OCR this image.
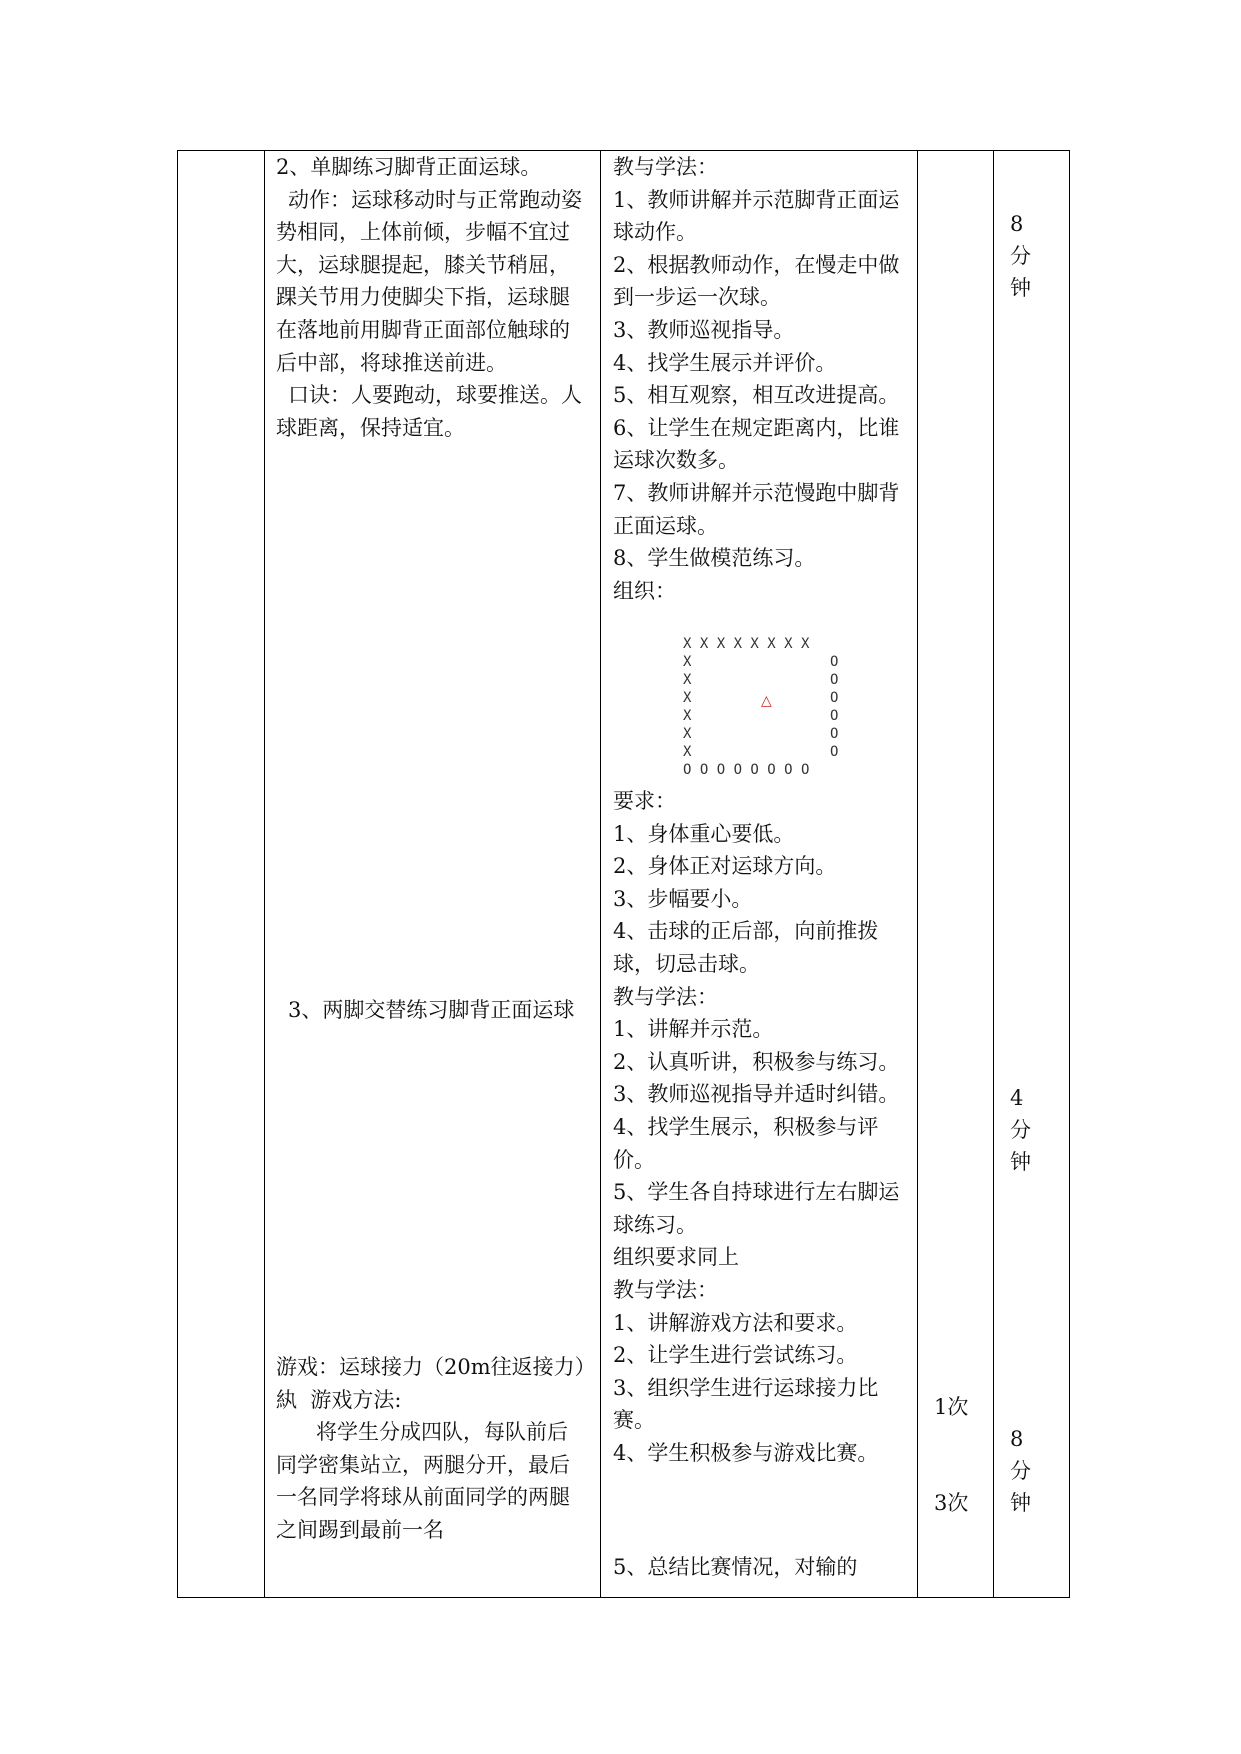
2、单脚练习脚背正面运球。

动作：运球移动时与正常跑动姿势相同，上体前倾，步幅不宜过大，运球腿提起，膝关节稍屈，踝关节用力使脚尖下指，运球腿在落地前用脚背正面部位触球的后中部，将球推送前进。

口诀：人要跑动，球要推送。人球距离，保持适宜。

3、两脚交替练习脚背正面运球

游戏：运球接力（20m往返接力）

紈  游戏方法:

将学生分成四队，每队前后同学密集站立，两腿分开，最后一名同学将球从前面同学的两腿之间踢到最前一名

教与学法：

1、教师讲解并示范脚背正面运球动作。

2、根据教师动作，在慢走中做到一步运一次球。

3、教师巡视指导。

4、找学生展示并评价。

5、相互观察，相互改进提高。

6、让学生在规定距离内，比谁运球次数多。

7、教师讲解并示范慢跑中脚背正面运球。

8、学生做模范练习。

组织：

X X X X X X X X
X
X
X
X
X
X
O
O
O
O
O
O
O O O O O O O O
△

要求：

1、身体重心要低。

2、身体正对运球方向。

3、步幅要小。

4、击球的正后部，向前推拨球，切忌击球。

教与学法：

1、讲解并示范。

2、认真听讲，积极参与练习。

3、教师巡视指导并适时纠错。

4、找学生展示，积极参与评价。

5、学生各自持球进行左右脚运球练习。

组织要求同上

教与学法：

1、讲解游戏方法和要求。

2、让学生进行尝试练习。

3、组织学生进行运球接力比赛。

4、学生积极参与游戏比赛。

5、总结比赛情况，对输的

1次
3次
8
分
钟
4
分
钟
8
分
钟
